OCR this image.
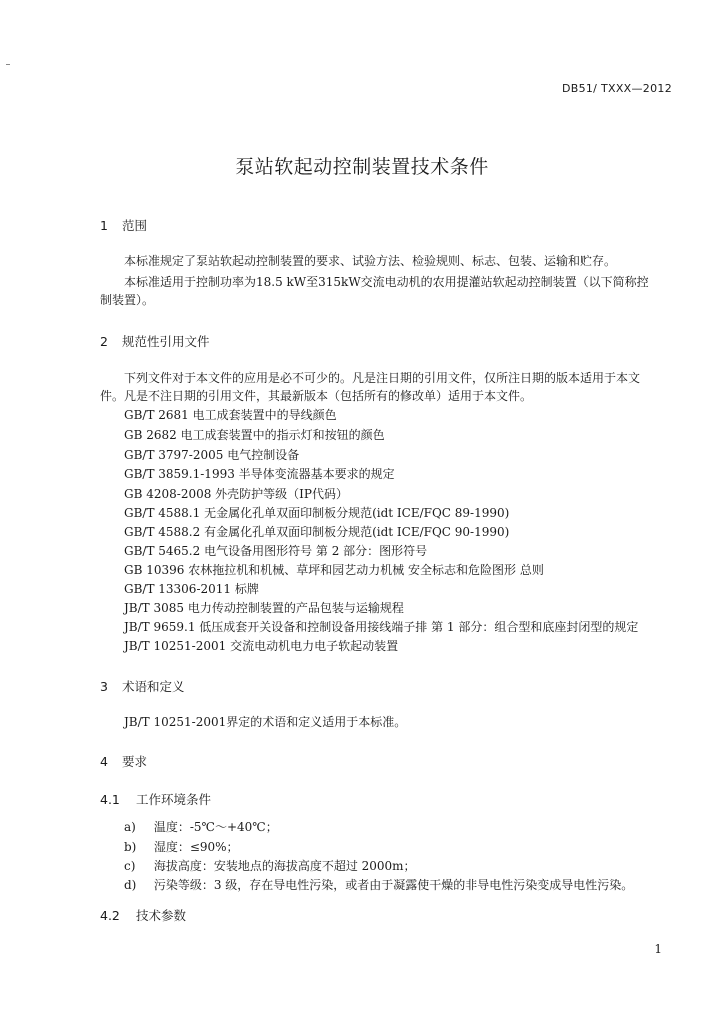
DB51/ TXXX—2012
泵站软起动控制装置技术条件
1 范围
本标准规定了泵站软起动控制装置的要求、试验方法、检验规则、标志、包装、运输和贮存。
本标准适用于控制功率为18.5 kW至315kW交流电动机的农用提灌站软起动控制装置（以下简称控
制装置）。
2 规范性引用文件
下列文件对于本文件的应用是必不可少的。凡是注日期的引用文件，仅所注日期的版本适用于本文
件。凡是不注日期的引用文件，其最新版本（包括所有的修改单）适用于本文件。
GB/T 2681 电工成套装置中的导线颜色
GB 2682 电工成套装置中的指示灯和按钮的颜色
GB/T 3797-2005 电气控制设备
GB/T 3859.1-1993 半导体变流器基本要求的规定
GB 4208-2008 外壳防护等级（IP代码）
GB/T 4588.1 无金属化孔单双面印制板分规范(idt ICE/FQC 89-1990)
GB/T 4588.2 有金属化孔单双面印制板分规范(idt ICE/FQC 90-1990)
GB/T 5465.2 电气设备用图形符号 第 2 部分：图形符号
GB 10396 农林拖拉机和机械、草坪和园艺动力机械 安全标志和危险图形 总则
GB/T 13306-2011 标牌
JB/T 3085 电力传动控制装置的产品包装与运输规程
JB/T 9659.1 低压成套开关设备和控制设备用接线端子排 第 1 部分：组合型和底座封闭型的规定
JB/T 10251-2001 交流电动机电力电子软起动装置
3 术语和定义
JB/T 10251-2001界定的术语和定义适用于本标准。
4 要求
4.1 工作环境条件
a) 温度：-5℃～+40℃；
b) 湿度：≤90%；
c) 海拔高度：安装地点的海拔高度不超过 2000m；
d) 污染等级：3 级，存在导电性污染，或者由于凝露使干燥的非导电性污染变成导电性污染。
4.2 技术参数
1
